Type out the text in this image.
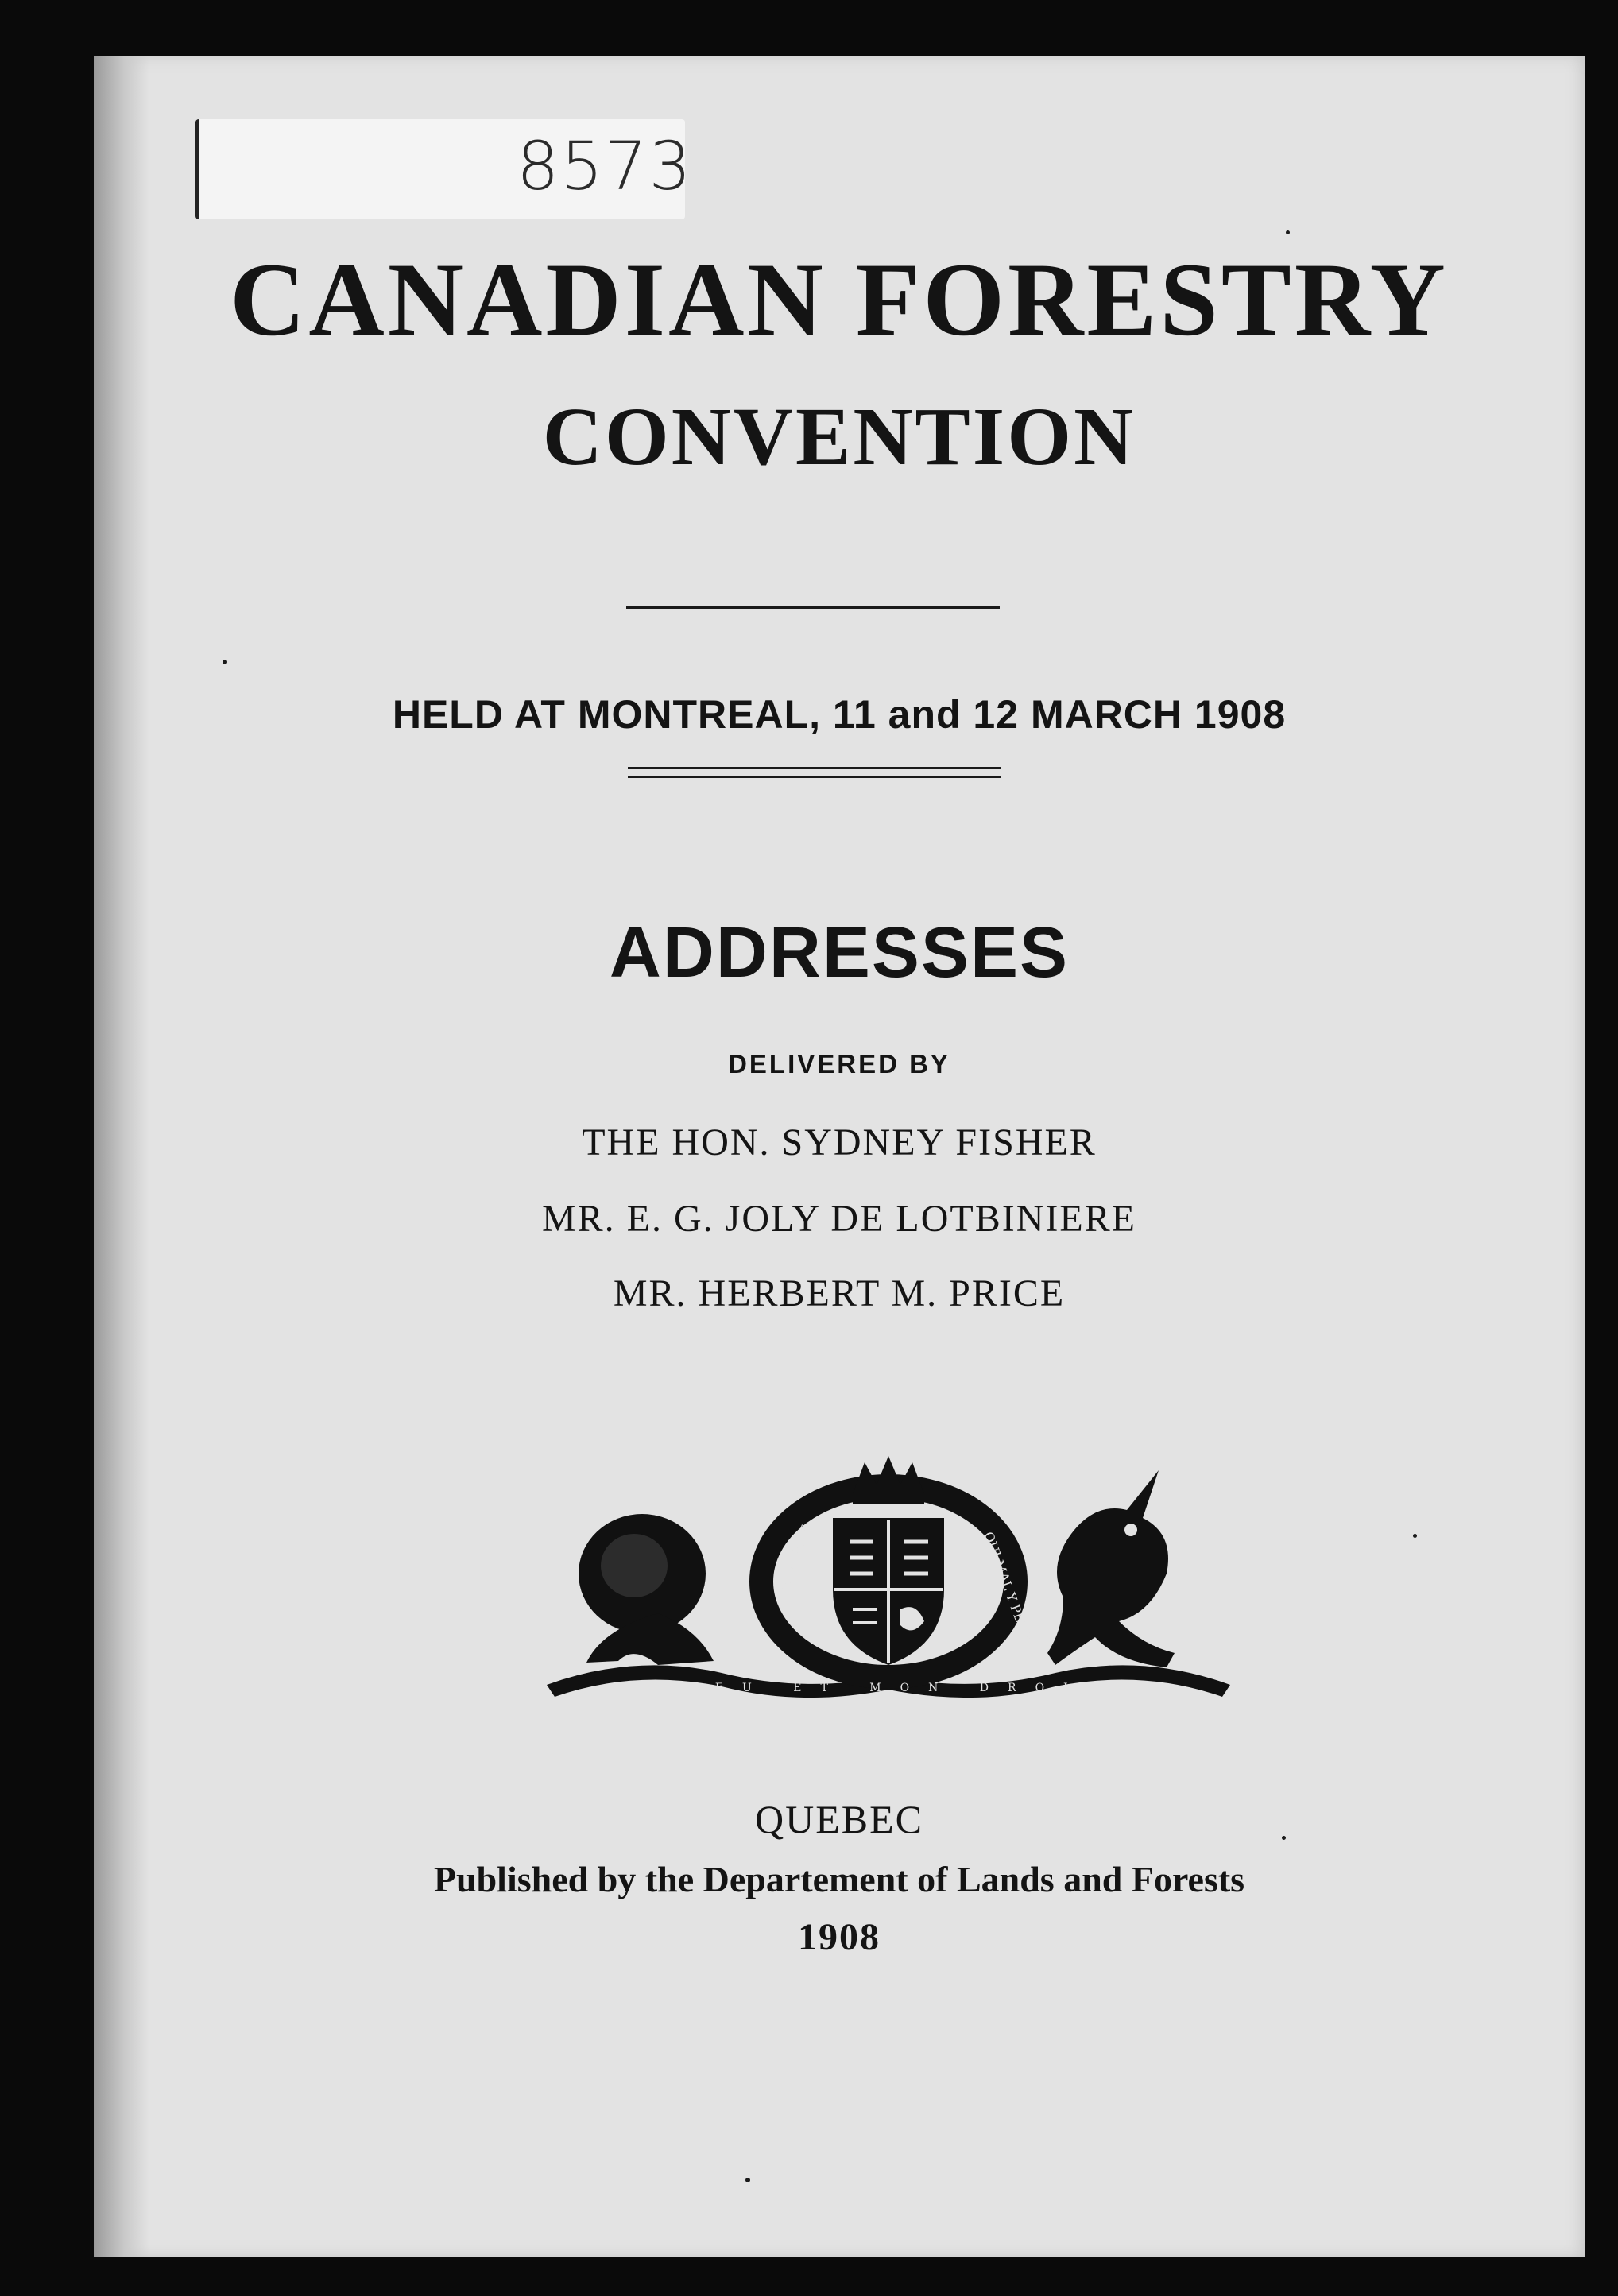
8573
CANADIAN FORESTRY
CONVENTION
HELD AT MONTREAL, 11 and 12 MARCH 1908
ADDRESSES
DELIVERED BY
THE HON. SYDNEY FISHER
MR. E. G. JOLY DE LOTBINIERE
MR. HERBERT M. PRICE
HONI SOIT	QUI MAL Y PENSE
DIEU ET MON DROIT
QUEBEC
Published by the Departement of Lands and Forests
1908
